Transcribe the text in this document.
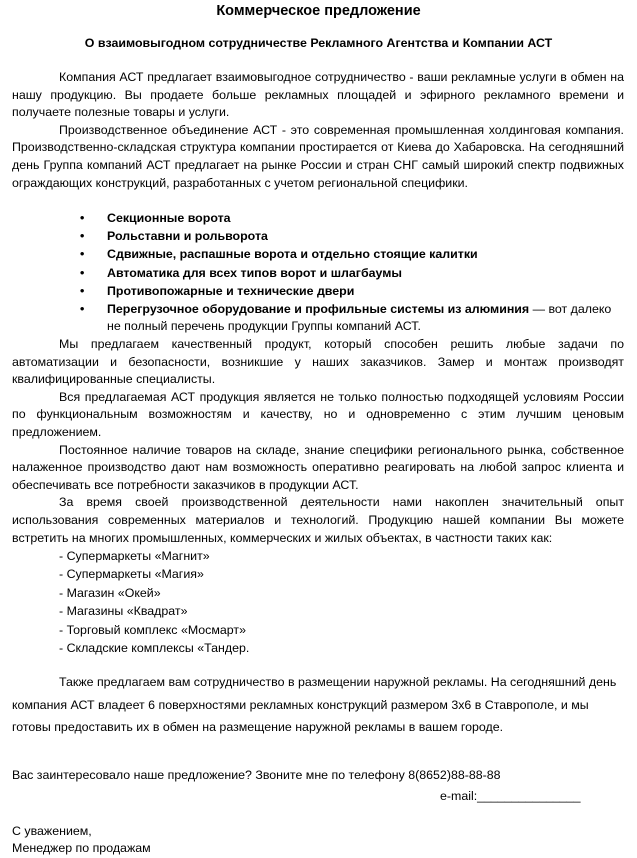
Коммерческое предложение
О взаимовыгодном сотрудничестве Рекламного Агентства и Компании АСТ

Компания АСТ предлагает взаимовыгодное сотрудничество - ваши рекламные услуги в обмен на нашу продукцию. Вы продаете больше рекламных площадей и эфирного рекламного времени и получаете полезные товары и услуги.

Производственное объединение АСТ - это современная промышленная холдинговая компания. Производственно-складская структура компании простирается от Киева до Хабаровска. На сегодняшний день Группа компаний АСТ предлагает на рынке России и стран СНГ самый широкий спектр подвижных ограждающих конструкций, разработанных с учетом региональной специфики.

• Секционные ворота
• Рольставни и рольворота
• Сдвижные, распашные ворота и отдельно стоящие калитки
• Автоматика для всех типов ворот и шлагбаумы
• Противопожарные и технические двери
• Перегрузочное оборудование и профильные системы из алюминия — вот далеко
не полный перечень продукции Группы компаний АСТ.

Мы предлагаем качественный продукт, который способен решить любые задачи по автоматизации и безопасности, возникшие у наших заказчиков. Замер и монтаж производят квалифицированные специалисты.

Вся предлагаемая АСТ продукция является не только полностью подходящей условиям России по функциональным возможностям и качеству, но и одновременно с этим лучшим ценовым предложением.

Постоянное наличие товаров на складе, знание специфики регионального рынка, собственное налаженное производство дают нам возможность оперативно реагировать на любой запрос клиента и обеспечивать все потребности заказчиков в продукции АСТ.

За время своей производственной деятельности нами накоплен значительный опыт использования современных материалов и технологий. Продукцию нашей компании Вы можете встретить на многих промышленных, коммерческих и жилых объектах, в частности таких как:

- Супермаркеты «Магнит»
- Супермаркеты «Магия»
- Магазин «Окей»
- Магазины «Квадрат»
- Торговый комплекс «Мосмарт»
- Складские комплексы «Тандер.
Также предлагаем вам сотрудничество в размещении наружной рекламы. На сегодняшний день компания АСТ владеет 6 поверхностями рекламных конструкций размером 3х6 в Ставрополе, и мы готовы предоставить их в обмен на размещение наружной рекламы в вашем городе.
Вас заинтересовало наше предложение? Звоните мне по телефону 8(8652)88-88-88
e-mail:_______________
С уважением,
Менеджер по продажам
